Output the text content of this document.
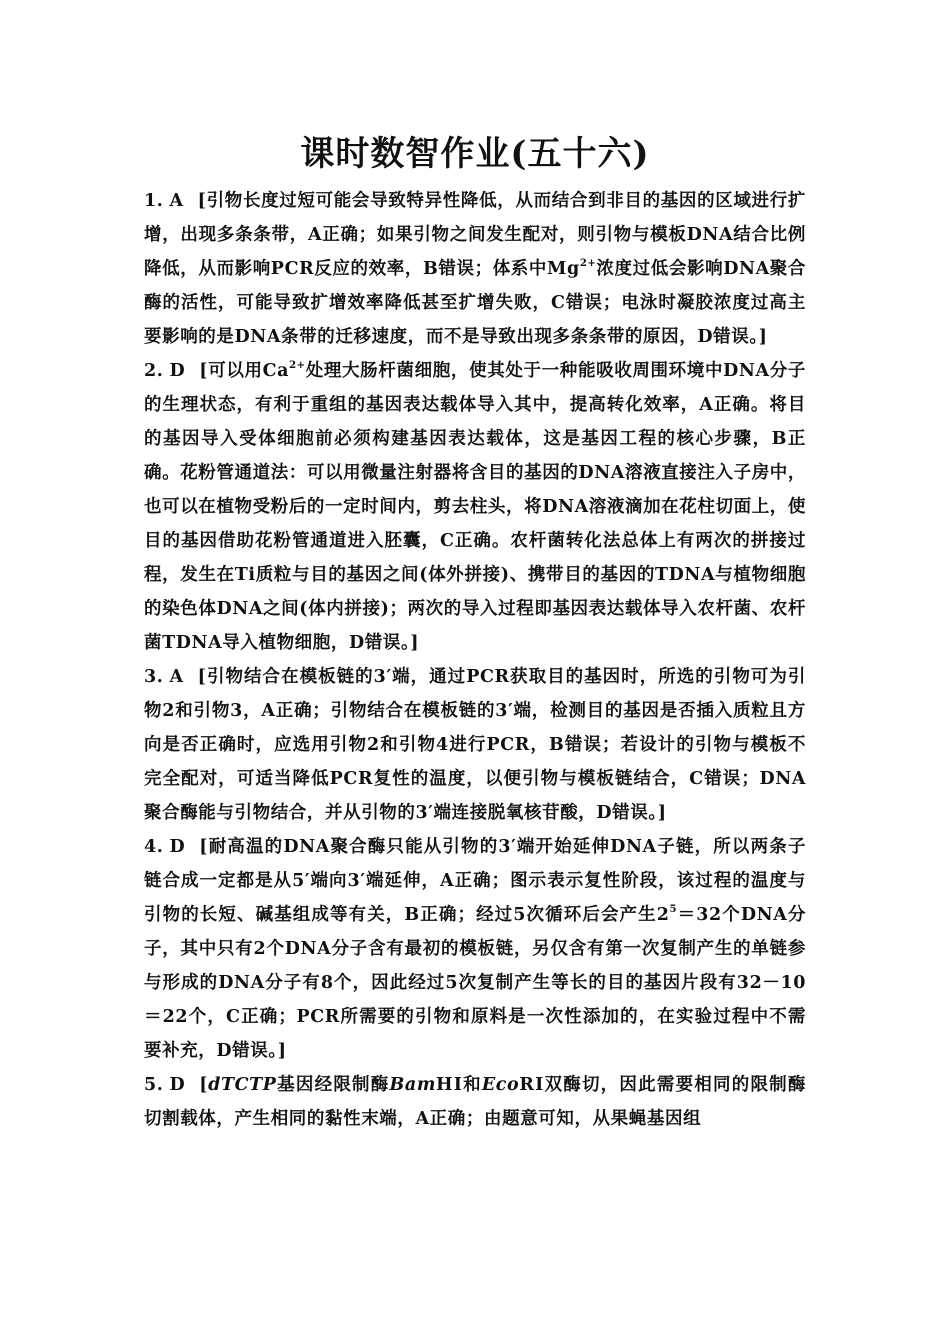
课时数智作业(五十六)

1. A [引物长度过短可能会导致特异性降低，从而结合到非目的基因的区域进行扩增，出现多条条带，A正确；如果引物之间发生配对，则引物与模板DNA结合比例降低，从而影响PCR反应的效率，B错误；体系中$Mg^{2+}$浓度过低会影响DNA聚合酶的活性，可能导致扩增效率降低甚至扩增失败，C错误；电泳时凝胶浓度过高主要影响的是DNA条带的迁移速度，而不是导致出现多条条带的原因，D错误。]

2. D [可以用$Ca^{2+}$处理大肠杆菌细胞，使其处于一种能吸收周围环境中DNA分子的生理状态，有利于重组的基因表达载体导入其中，提高转化效率，A正确。将目的基因导入受体细胞前必须构建基因表达载体，这是基因工程的核心步骤，B正确。花粉管通道法：可以用微量注射器将含目的基因的DNA溶液直接注入子房中，也可以在植物受粉后的一定时间内，剪去柱头，将DNA溶液滴加在花柱切面上，使目的基因借助花粉管通道进入胚囊，C正确。农杆菌转化法总体上有两次的拼接过程，发生在Ti质粒与目的基因之间(体外拼接)、携带目的基因的TDNA与植物细胞的染色体DNA之间(体内拼接)；两次的导入过程即基因表达载体导入农杆菌、农杆菌TDNA导入植物细胞，D错误。]

3. A [引物结合在模板链的3′端，通过PCR获取目的基因时，所选的引物可为引物2和引物3，A正确；引物结合在模板链的3′端，检测目的基因是否插入质粒且方向是否正确时，应选用引物2和引物4进行PCR，B错误；若设计的引物与模板不完全配对，可适当降低PCR复性的温度，以便引物与模板链结合，C错误；DNA聚合酶能与引物结合，并从引物的3′端连接脱氧核苷酸，D错误。]

4. D [耐高温的DNA聚合酶只能从引物的3′端开始延伸DNA子链，所以两条子链合成一定都是从5′端向3′端延伸，A正确；图示表示复性阶段，该过程的温度与引物的长短、碱基组成等有关，B正确；经过5次循环后会产生$2^5=32$个DNA分子，其中只有2个DNA分子含有最初的模板链，另仅含有第一次复制产生的单链参与形成的DNA分子有8个，因此经过5次复制产生等长的目的基因片段有32－10＝22个，C正确；PCR所需要的引物和原料是一次性添加的，在实验过程中不需要补充，D错误。]

5. D [dTCTP基因经限制酶BamHⅠ和EcoRⅠ双酶切，因此需要相同的限制酶切割载体，产生相同的黏性末端，A正确；由题意可知，从果蝇基因组
